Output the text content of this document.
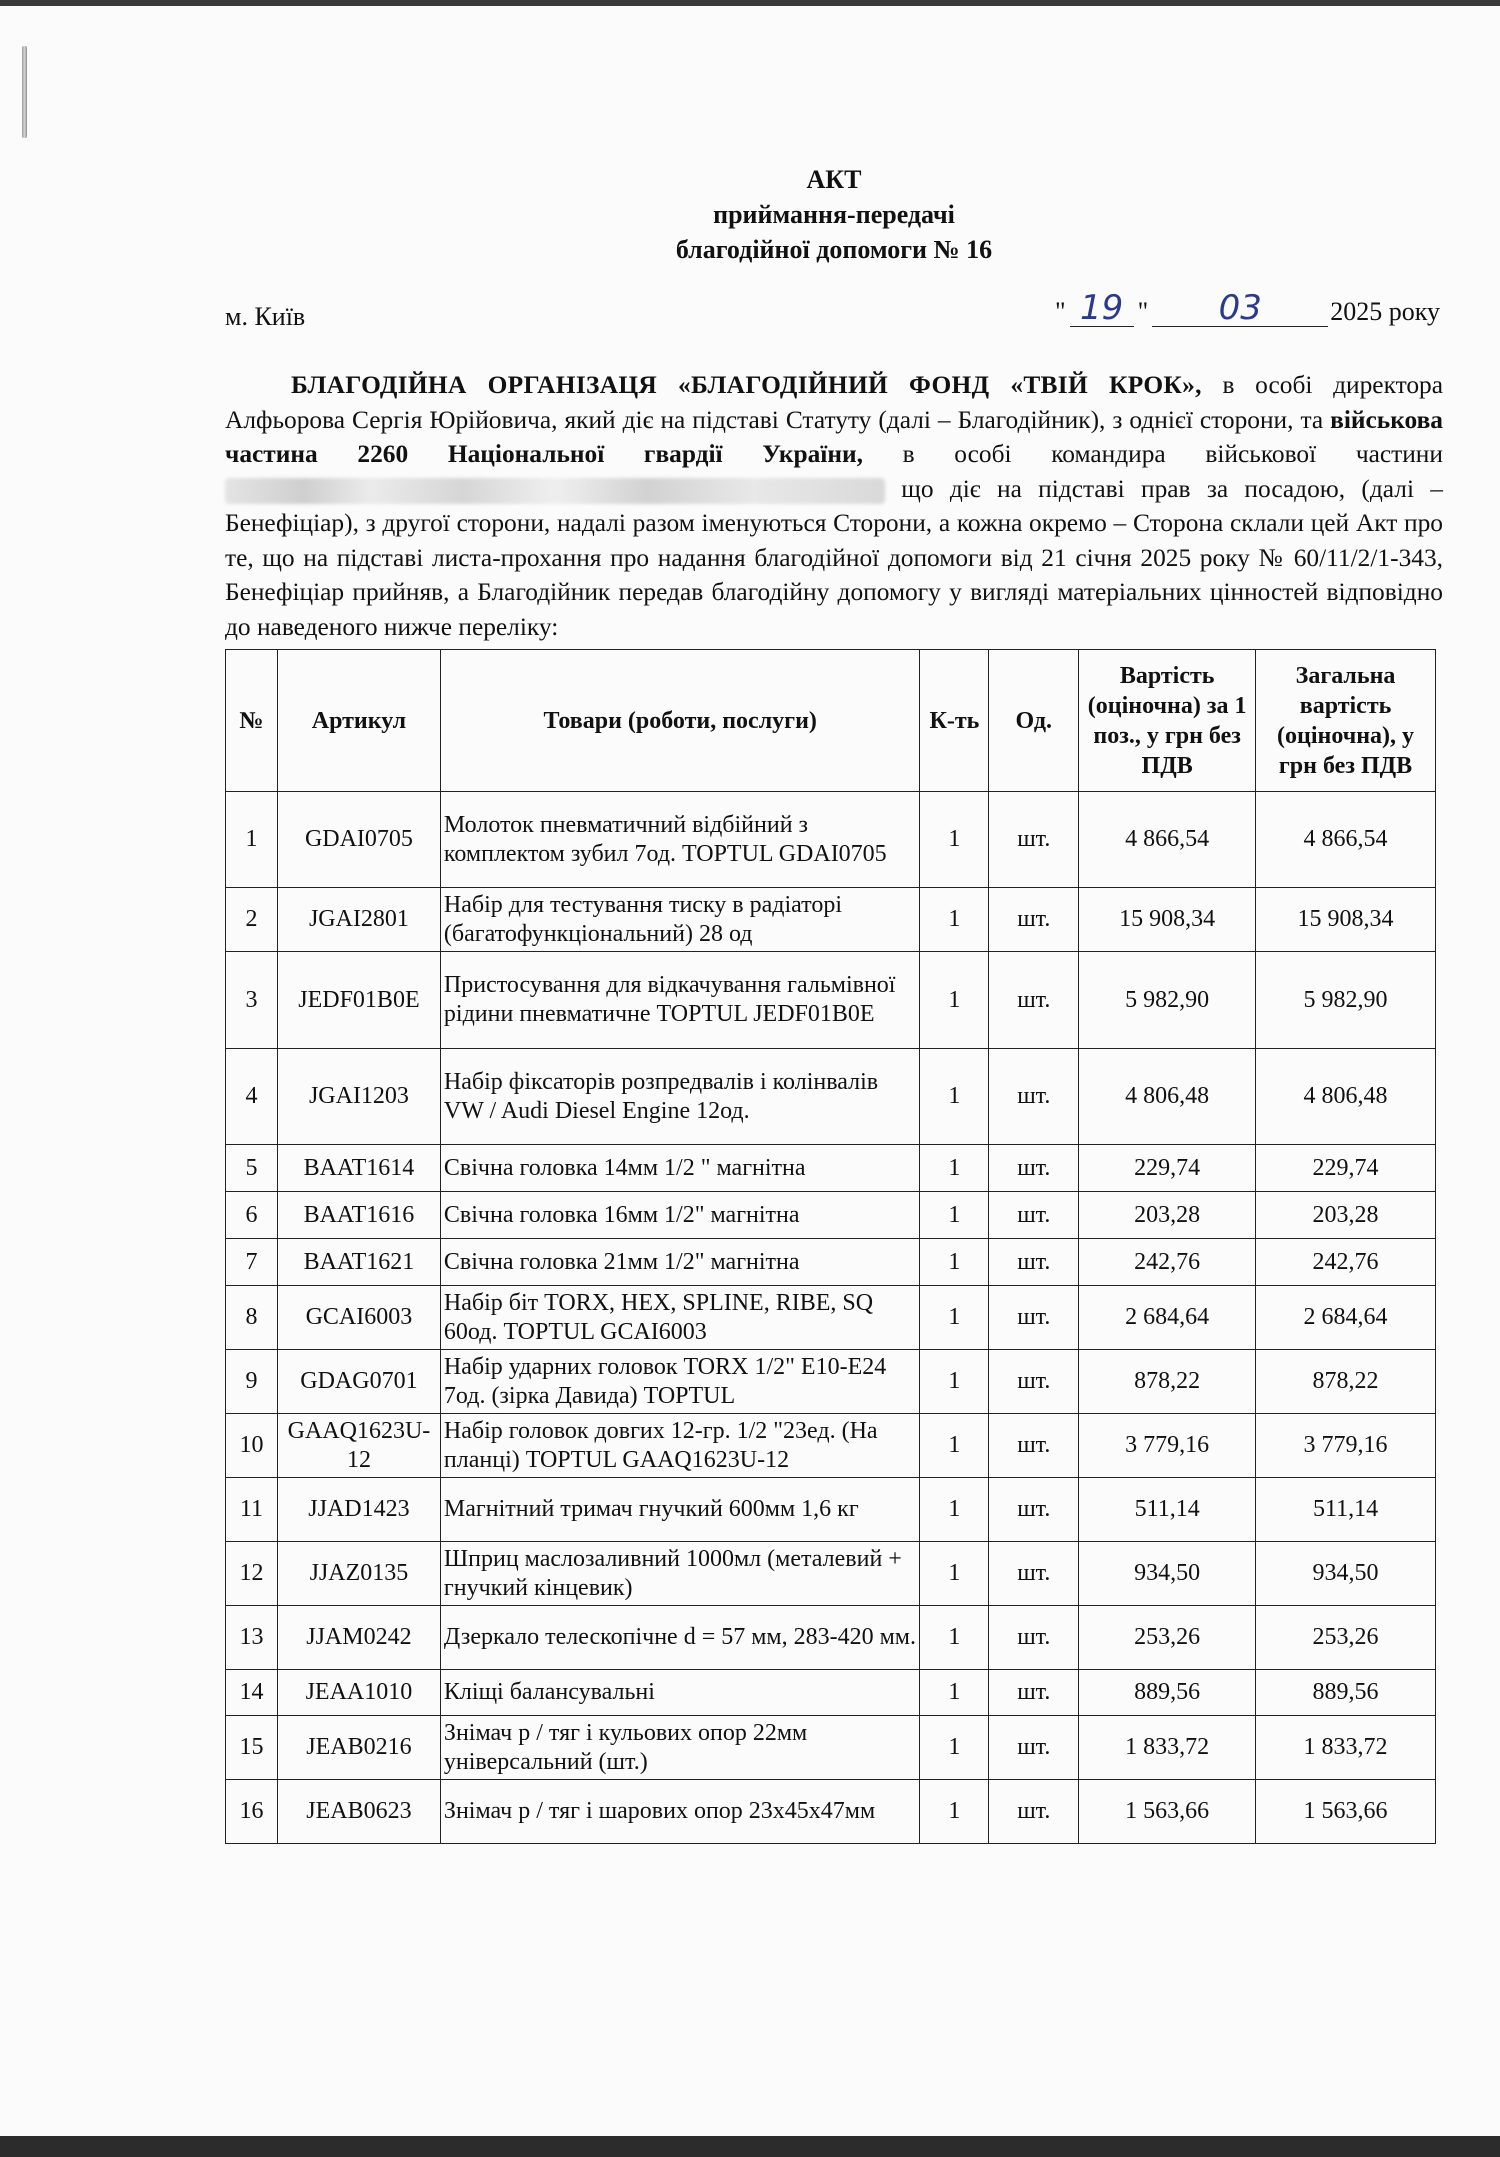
АКТ
приймання-передачі
благодійної допомоги № 16
м. Київ	" 19 "	03	2025 року
БЛАГОДІЙНА ОРГАНІЗАЦЯ «БЛАГОДІЙНИЙ ФОНД «ТВІЙ КРОК», в особі директора Алфьорова Сергія Юрійовича, який діє на підставі Статуту (далі – Благодійник), з однієї сторони, та військова частина 2260 Національної гвардії України, в особі командира військової частини  що діє на підставі прав за посадою, (далі – Бенефіціар), з другої сторони, надалі разом іменуються Сторони, а кожна окремо – Сторона склали цей Акт про те, що на підставі листа-прохання про надання благодійної допомоги від 21 січня 2025 року № 60/11/2/1-343, Бенефіціар прийняв, а Благодійник передав благодійну допомогу у вигляді матеріальних цінностей відповідно до наведеного нижче переліку:
№	Артикул	Товари (роботи, послуги)	К-ть	Од.	Вартість (оціночна) за 1 поз., у грн без ПДВ	Загальна вартість (оціночна), у грн без ПДВ
1	GDAI0705	Молоток пневматичний відбійний з комплектом зубил 7од. TOPTUL GDAI0705	1	шт.	4 866,54	4 866,54
2	JGAI2801	Набір для тестування тиску в радіаторі (багатофункціональний) 28 од	1	шт.	15 908,34	15 908,34
3	JEDF01B0E	Пристосування для відкачування гальмівної рідини пневматичне TOPTUL JEDF01B0E	1	шт.	5 982,90	5 982,90
4	JGAI1203	Набір фіксаторів розпредвалів і колінвалів VW / Audi Diesel Engine 12од.	1	шт.	4 806,48	4 806,48
5	BAAT1614	Свічна головка 14мм 1/2 " магнітна	1	шт.	229,74	229,74
6	BAAT1616	Свічна головка 16мм 1/2" магнітна	1	шт.	203,28	203,28
7	BAAT1621	Свічна головка 21мм 1/2" магнітна	1	шт.	242,76	242,76
8	GCAI6003	Набір біт TORX, HEX, SPLINE, RIBE, SQ 60од. TOPTUL GCAI6003	1	шт.	2 684,64	2 684,64
9	GDAG0701	Набір ударних головок TORX 1/2" E10-E24 7од. (зірка Давида) TOPTUL	1	шт.	878,22	878,22
10	GAAQ1623U-12	Набір головок довгих 12-гр. 1/2 "23ед. (На планці) TOPTUL GAAQ1623U-12	1	шт.	3 779,16	3 779,16
11	JJAD1423	Магнітний тримач гнучкий 600мм 1,6 кг	1	шт.	511,14	511,14
12	JJAZ0135	Шприц маслозаливний 1000мл (металевий + гнучкий кінцевик)	1	шт.	934,50	934,50
13	JJAM0242	Дзеркало телескопічне d = 57 мм, 283-420 мм.	1	шт.	253,26	253,26
14	JEAA1010	Кліщі балансувальні	1	шт.	889,56	889,56
15	JEAB0216	Знімач р / тяг і кульових опор 22мм універсальний (шт.)	1	шт.	1 833,72	1 833,72
16	JEAB0623	Знімач р / тяг і шарових опор 23x45x47мм	1	шт.	1 563,66	1 563,66
